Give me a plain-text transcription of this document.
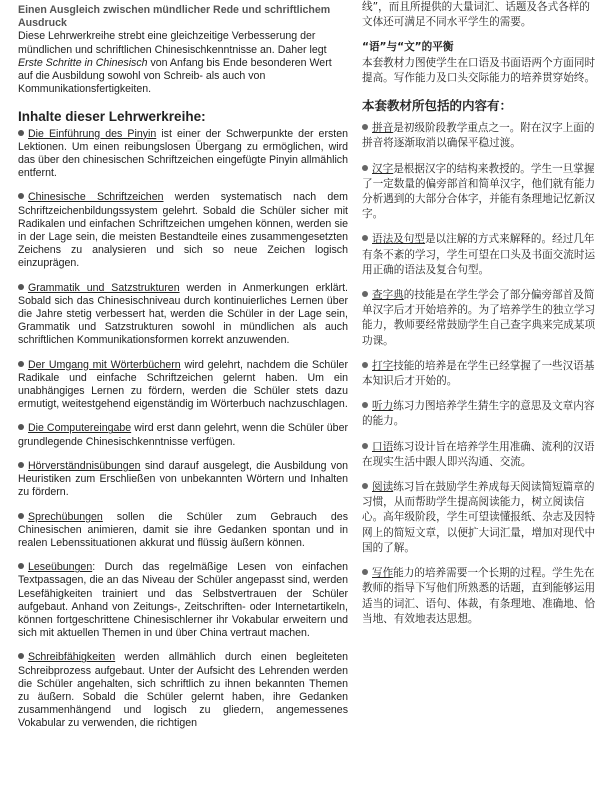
Einen Ausgleich zwischen mündlicher Rede und schriftlichem Ausdruck

Diese Lehrwerkreihe strebt eine gleichzeitige Verbesserung der mündlichen und schriftlichen Chinesischkenntnisse an. Daher legt Erste Schritte in Chinesisch von Anfang bis Ende besonderen Wert auf die Ausbildung sowohl von Schreib- als auch von Kommunikationsfertigkeiten.

Inhalte dieser Lehrwerkreihe:

Die Einführung des Pinyin ist einer der Schwerpunkte der ersten Lektionen. Um einen reibungslosen Übergang zu ermöglichen, wird das über den chinesischen Schriftzeichen eingefügte Pinyin allmählich entfernt.

Chinesische Schriftzeichen werden systematisch nach dem Schriftzeichenbildungssystem gelehrt. Sobald die Schüler sicher mit Radikalen und einfachen Schriftzeichen umgehen können, werden sie in der Lage sein, die meisten Bestandteile eines zusammengesetzten Zeichens zu analysieren und sich so neue Zeichen logisch einzuprägen.

Grammatik und Satzstrukturen werden in Anmerkungen erklärt. Sobald sich das Chinesischniveau durch kontinuierliches Lernen über die Jahre stetig verbessert hat, werden die Schüler in der Lage sein, Grammatik und Satzstrukturen sowohl in mündlichen als auch schriftlichen Kommunikationsformen korrekt anzuwenden.

Der Umgang mit Wörterbüchern wird gelehrt, nachdem die Schüler Radikale und einfache Schriftzeichen gelernt haben. Um ein unabhängiges Lernen zu fördern, werden die Schüler stets dazu ermutigt, weitestgehend eigenständig im Wörterbuch nachzuschlagen.

Die Computereingabe wird erst dann gelehrt, wenn die Schüler über grundlegende Chinesischkenntnisse verfügen.

Hörverständnisübungen sind darauf ausgelegt, die Ausbildung von Heuristiken zum Erschließen von unbekannten Wörtern und Inhalten zu fördern.

Sprechübungen sollen die Schüler zum Gebrauch des Chinesischen animieren, damit sie ihre Gedanken spontan und in realen Lebenssituationen akkurat und flüssig äußern können.

Leseübungen: Durch das regelmäßige Lesen von einfachen Textpassagen, die an das Niveau der Schüler angepasst sind, werden Lesefähigkeiten trainiert und das Selbstvertrauen der Schüler aufgebaut. Anhand von Zeitungs-, Zeitschriften- oder Internetartikeln, können fortgeschrittene Chinesischlerner ihr Vokabular erweitern und sich mit aktuellen Themen in und über China vertraut machen.

Schreibfähigkeiten werden allmählich durch einen begleiteten Schreibprozess aufgebaut. Unter der Aufsicht des Lehrenden werden die Schüler angehalten, sich schriftlich zu ihnen bekannten Themen zu äußern. Sobald die Schüler gelernt haben, ihre Gedanken zusammenhängend und logisch zu gliedern, angemessenes Vokabular zu verwenden, die richtigen

线”，而且所提供的大量词汇、话题及各式各样的文体还可满足不同水平学生的需要。

“语”与“文”的平衡

本套教材力图使学生在口语及书面语两个方面同时提高。写作能力及口头交际能力的培养贯穿始终。

本套教材所包括的内容有：

拼音是初级阶段教学重点之一。附在汉字上面的拼音将逐渐取消以确保平稳过渡。

汉字是根据汉字的结构来教授的。学生一旦掌握了一定数量的偏旁部首和简单汉字，他们就有能力分析遇到的大部分合体字，并能有条理地记忆新汉字。

语法及句型是以注解的方式来解释的。经过几年有条不紊的学习，学生可望在口头及书面交流时运用正确的语法及复合句型。

查字典的技能是在学生学会了部分偏旁部首及简单汉字后才开始培养的。为了培养学生的独立学习能力，教师要经常鼓励学生自己查字典来完成某项功课。

打字技能的培养是在学生已经掌握了一些汉语基本知识后才开始的。

听力练习力图培养学生猜生字的意思及文章内容的能力。

口语练习设计旨在培养学生用准确、流利的汉语在现实生活中跟人即兴沟通、交流。

阅读练习旨在鼓励学生养成每天阅读简短篇章的习惯，从而帮助学生提高阅读能力，树立阅读信心。高年级阶段，学生可望读懂报纸、杂志及因特网上的简短文章，以便扩大词汇量，增加对现代中国的了解。

写作能力的培养需要一个长期的过程。学生先在教师的指导下写他们所熟悉的话题，直到能够运用适当的词汇、语句、体裁，有条理地、准确地、恰当地、有效地表达思想。
